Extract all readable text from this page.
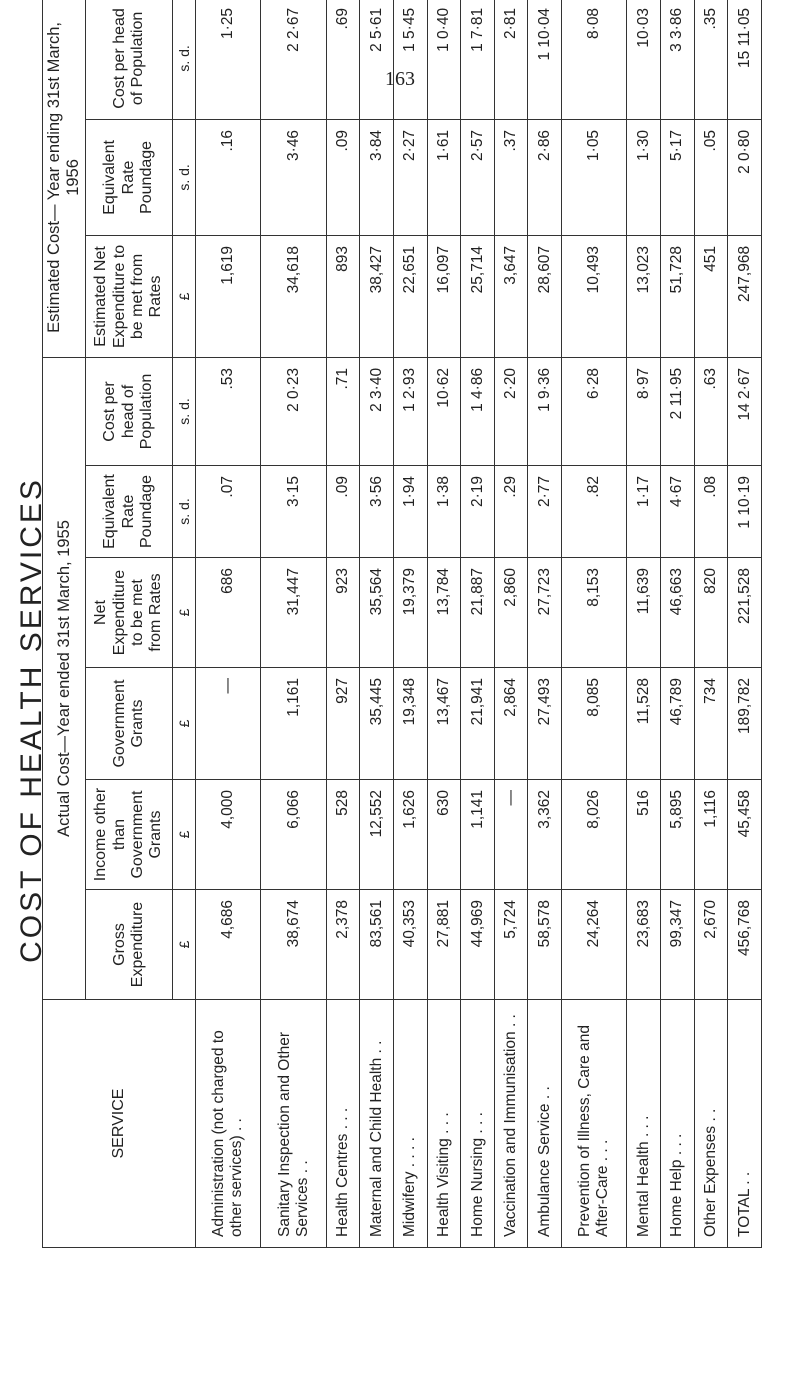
163
COST OF HEALTH SERVICES
SERVICE	Actual Cost—Year ended 31st March, 1955						Estimated Cost— Year ending 31st March, 1956		
	Gross Expenditure	Income other than Government Grants	Government Grants	Net Expenditure to be met from Rates	Equivalent Rate Poundage	Cost per head of Population	Estimated Net Expenditure to be met from Rates	Equivalent Rate Poundage	Cost per head of Population
	£	£	£	£	s. d.	s. d.	£	s. d.	s. d.
Administration (not charged to other services) . .	4,686	4,000	—	686	.07	.53	1,619	.16	1·25
Sanitary Inspection and Other Services . .	38,674	6,066	1,161	31,447	3·15	2 0·23	34,618	3·46	2 2·67
Health Centres . . .	2,378	528	927	923	.09	.71	893	.09	.69
Maternal and Child Health . .	83,561	12,552	35,445	35,564	3·56	2 3·40	38,427	3·84	2 5·61
Midwifery . . . .	40,353	1,626	19,348	19,379	1·94	1 2·93	22,651	2·27	1 5·45
Health Visiting . . .	27,881	630	13,467	13,784	1·38	10·62	16,097	1·61	1 0·40
Home Nursing . . .	44,969	1,141	21,941	21,887	2·19	1 4·86	25,714	2·57	1 7·81
Vaccination and Immunisation . .	5,724	—	2,864	2,860	.29	2·20	3,647	.37	2·81
Ambulance Service . .	58,578	3,362	27,493	27,723	2·77	1 9·36	28,607	2·86	1 10·04
Prevention of Illness, Care and After-Care . . .	24,264	8,026	8,085	8,153	.82	6·28	10,493	1·05	8·08
Mental Health . . .	23,683	516	11,528	11,639	1·17	8·97	13,023	1·30	10·03
Home Help . . .	99,347	5,895	46,789	46,663	4·67	2 11·95	51,728	5·17	3 3·86
Other Expenses . .	2,670	1,116	734	820	.08	.63	451	.05	.35
TOTAL . .	456,768	45,458	189,782	221,528	1 10·19	14 2·67	247,968	2 0·80	15 11·05
